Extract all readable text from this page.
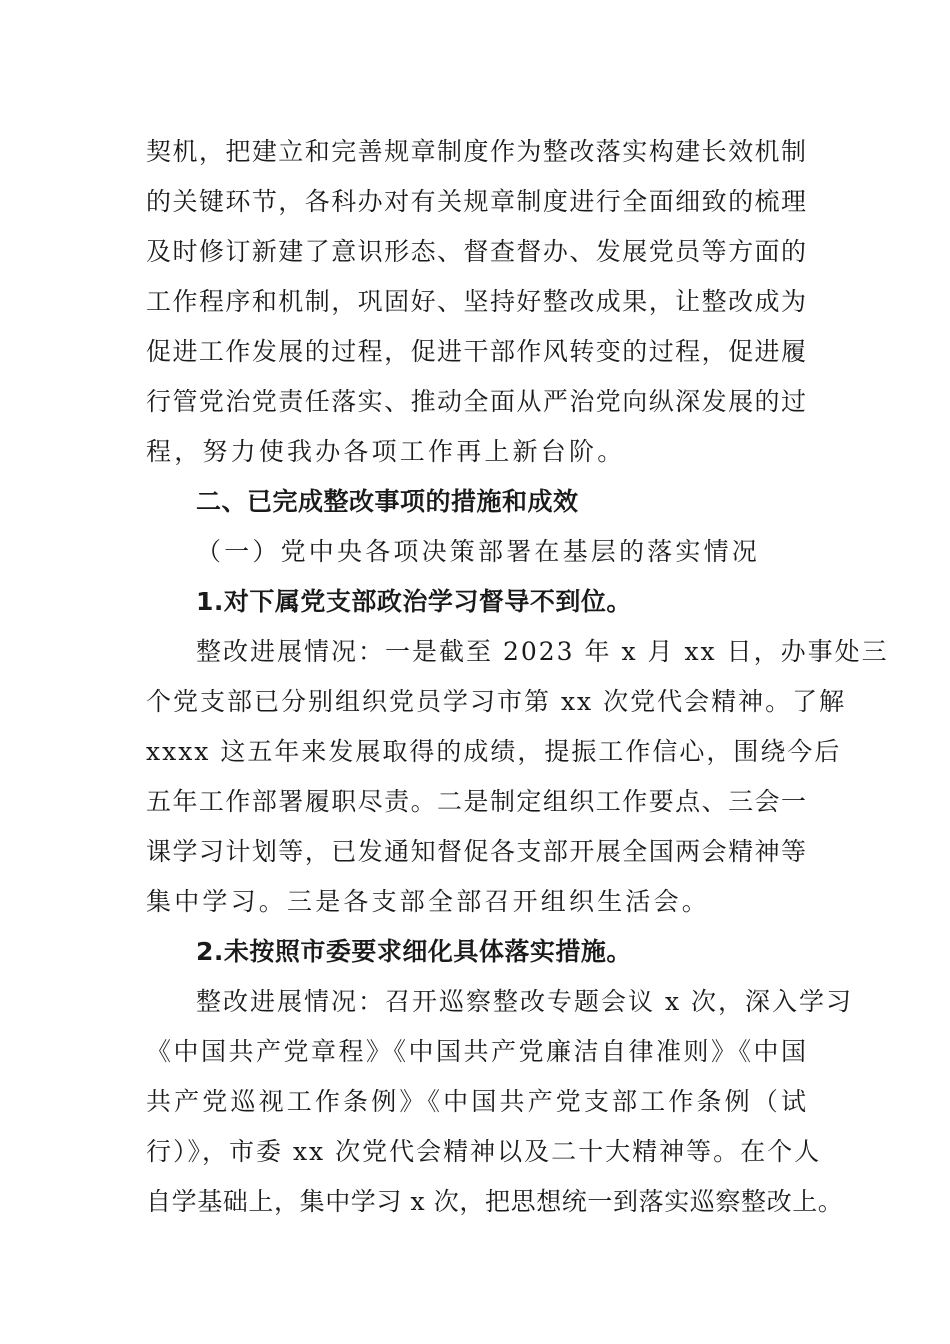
契机，把建立和完善规章制度作为整改落实构建长效机制
的关键环节，各科办对有关规章制度进行全面细致的梳理
及时修订新建了意识形态、督查督办、发展党员等方面的
工作程序和机制，巩固好、坚持好整改成果，让整改成为
促进工作发展的过程，促进干部作风转变的过程，促进履
行管党治党责任落实、推动全面从严治党向纵深发展的过
程，努力使我办各项工作再上新台阶。
二、已完成整改事项的措施和成效
（一）党中央各项决策部署在基层的落实情况
1.对下属党支部政治学习督导不到位。
整改进展情况：一是截至 2023 年 x 月 xx 日，办事处三
个党支部已分别组织党员学习市第 xx 次党代会精神。了解
xxxx 这五年来发展取得的成绩，提振工作信心，围绕今后
五年工作部署履职尽责。二是制定组织工作要点、三会一
课学习计划等，已发通知督促各支部开展全国两会精神等
集中学习。三是各支部全部召开组织生活会。
2.未按照市委要求细化具体落实措施。
整改进展情况：召开巡察整改专题会议 x 次，深入学习
《中国共产党章程》《中国共产党廉洁自律准则》《中国
共产党巡视工作条例》《中国共产党支部工作条例（试
行）》，市委 xx 次党代会精神以及二十大精神等。在个人
自学基础上，集中学习 x 次，把思想统一到落实巡察整改上。
